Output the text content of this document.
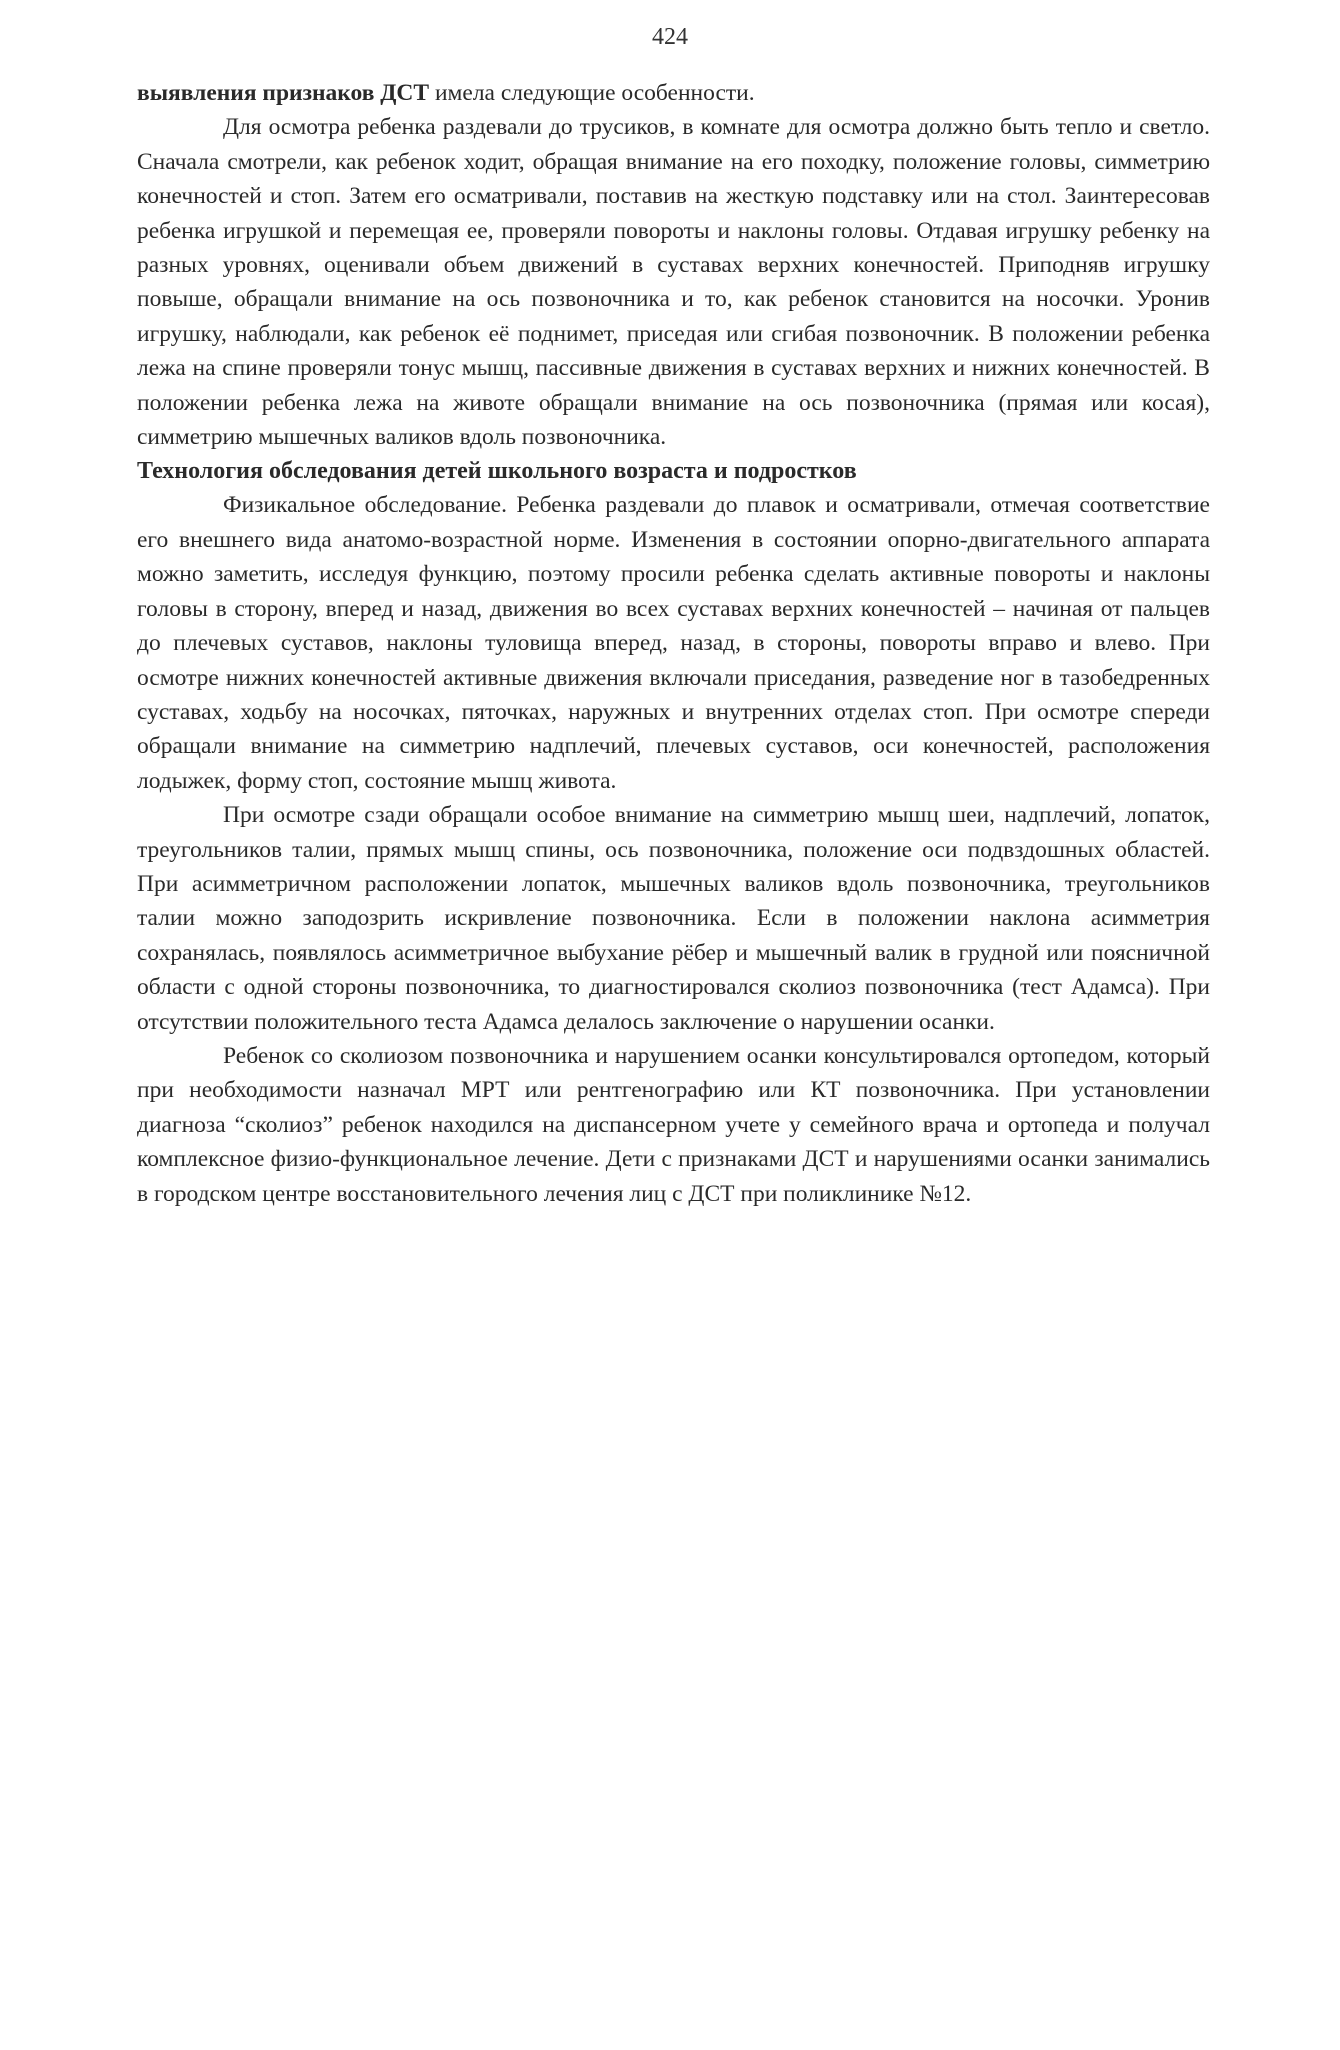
424

выявления признаков ДСТ имела следующие особенности.

Для осмотра ребенка раздевали до трусиков, в комнате для осмотра должно быть тепло и светло. Сначала смотрели, как ребенок ходит, обращая внимание на его походку, положение головы, симметрию конечностей и стоп. Затем его осматривали, поставив на жесткую подставку или на стол. Заинтересовав ребенка игрушкой и перемещая ее, проверяли повороты и наклоны головы. Отдавая игрушку ребенку на разных уровнях, оценивали объем движений в суставах верхних конечностей. Приподняв игрушку повыше, обращали внимание на ось позвоночника и то, как ребенок становится на носочки. Уронив игрушку, наблюдали, как ребенок её поднимет, приседая или сгибая позвоночник. В положении ребенка лежа на спине проверяли тонус мышц, пассивные движения в суставах верхних и нижних конечностей. В положении ребенка лежа на животе обращали внимание на ось позвоночника (прямая или косая), симметрию мышечных валиков вдоль позвоночника.

Технология обследования детей школьного возраста и подростков

Физикальное обследование. Ребенка раздевали до плавок и осматривали, отмечая соответствие его внешнего вида анатомо-возрастной норме. Изменения в состоянии опорно-двигательного аппарата можно заметить, исследуя функцию, поэтому просили ребенка сделать активные повороты и наклоны головы в сторону, вперед и назад, движения во всех суставах верхних конечностей – начиная от пальцев до плечевых суставов, наклоны туловища вперед, назад, в стороны, повороты вправо и влево. При осмотре нижних конечностей активные движения включали приседания, разведение ног в тазобедренных суставах, ходьбу на носочках, пяточках, наружных и внутренних отделах стоп. При осмотре спереди обращали внимание на симметрию надплечий, плечевых суставов, оси конечностей, расположения лодыжек, форму стоп, состояние мышц живота.

При осмотре сзади обращали особое внимание на симметрию мышц шеи, надплечий, лопаток, треугольников талии, прямых мышц спины, ось позвоночника, положение оси подвздошных областей. При асимметричном расположении лопаток, мышечных валиков вдоль позвоночника, треугольников талии можно заподозрить искривление позвоночника. Если в положении наклона асимметрия сохранялась, появлялось асимметричное выбухание рёбер и мышечный валик в грудной или поясничной области с одной стороны позвоночника, то диагностировался сколиоз позвоночника (тест Адамса). При отсутствии положительного теста Адамса делалось заключение о нарушении осанки.

Ребенок со сколиозом позвоночника и нарушением осанки консультировался ортопедом, который при необходимости назначал МРТ или рентгенографию или КТ позвоночника. При установлении диагноза “сколиоз” ребенок находился на диспансерном учете у семейного врача и ортопеда и получал комплексное физио-функциональное лечение. Дети с признаками ДСТ и нарушениями осанки занимались в городском центре восстановительного лечения лиц с ДСТ при поликлинике №12.
